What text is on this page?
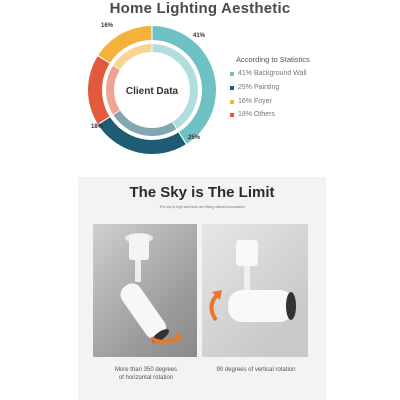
Home Lighting Aesthetic
Client Data
16%
41%
18%
25%
According to Statistics
41% Background Wall
25% Painting
16% Foyer
18% Others
The Sky is The Limit
The sky is high and birds are flitting without boundaries
More than 350 degrees
of horizontal rotation
90 degrees of vertical rotation
